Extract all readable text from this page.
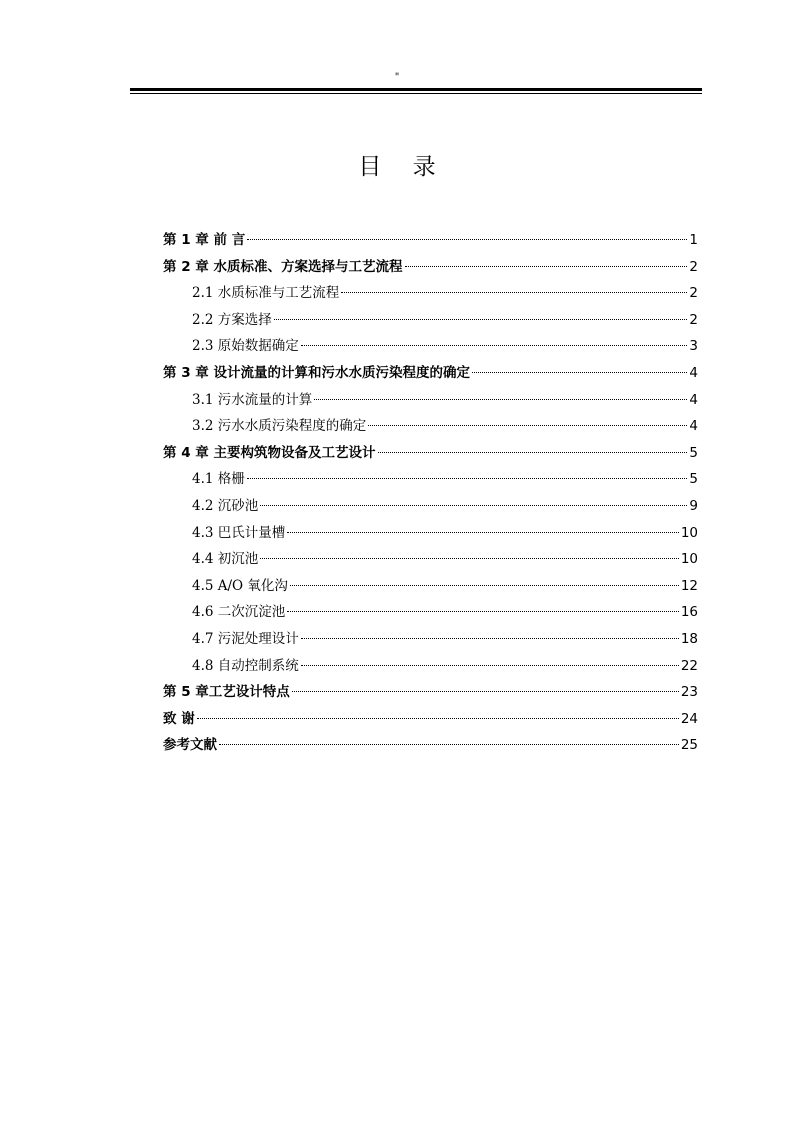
"
目 录
第 1 章 前 言	1
第 2 章 水质标准、方案选择与工艺流程	2
2.1 水质标准与工艺流程	2
2.2 方案选择	2
2.3 原始数据确定	3
第 3 章 设计流量的计算和污水水质污染程度的确定	4
3.1 污水流量的计算	4
3.2 污水水质污染程度的确定	4
第 4 章 主要构筑物设备及工艺设计	5
4.1 格栅	5
4.2 沉砂池	9
4.3 巴氏计量槽	10
4.4 初沉池	10
4.5 A/O 氧化沟	12
4.6 二次沉淀池	16
4.7 污泥处理设计	18
4.8 自动控制系统	22
第 5 章工艺设计特点	23
致 谢	24
参考文献	25
